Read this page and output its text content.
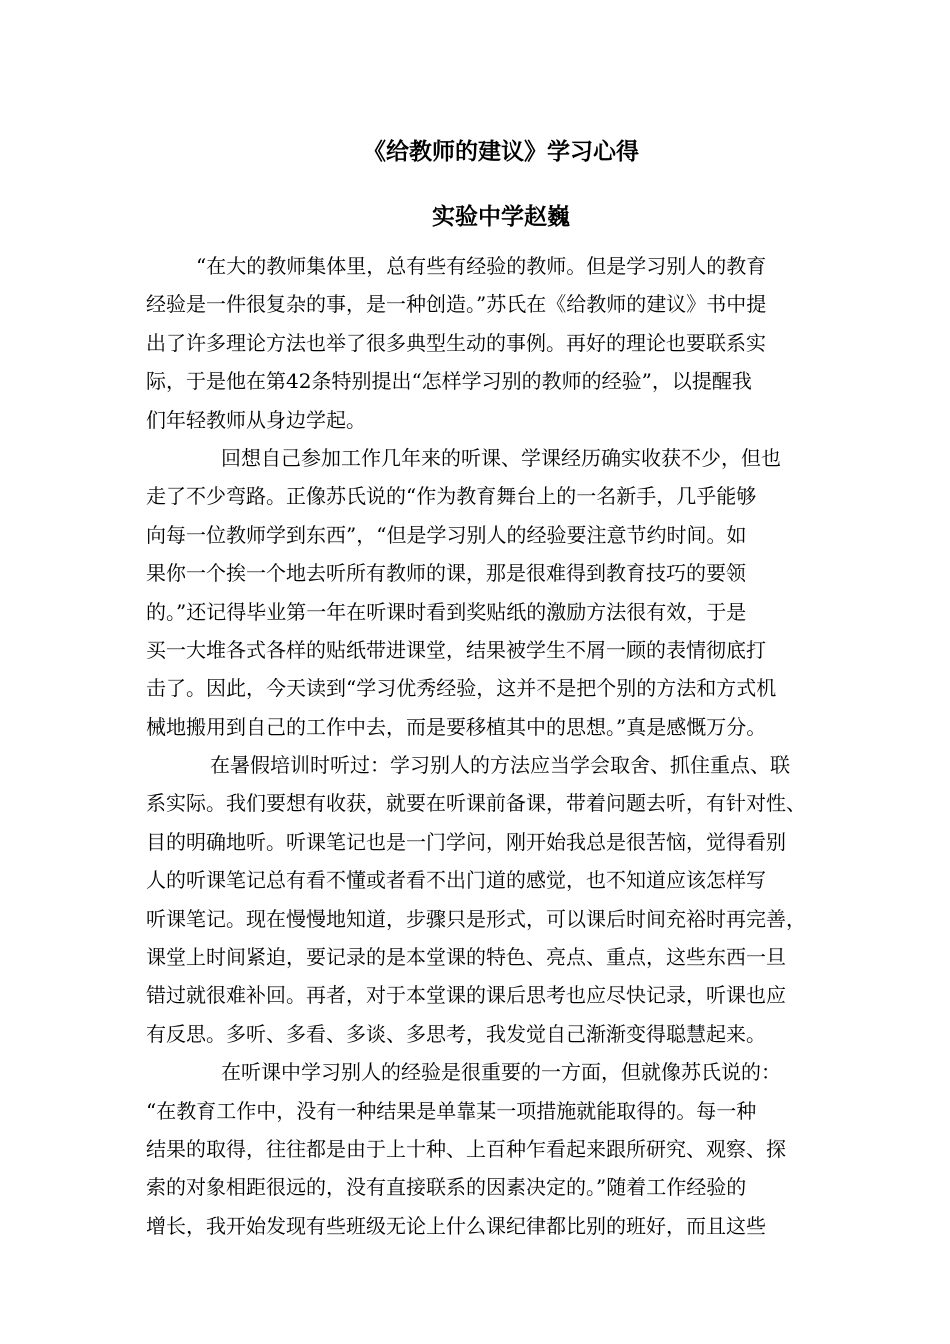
《给教师的建议》学习心得
实验中学赵巍
“在大的教师集体里，总有些有经验的教师。但是学习别人的教育
经验是一件很复杂的事，是一种创造。”苏氏在《给教师的建议》书中提
出了许多理论方法也举了很多典型生动的事例。再好的理论也要联系实
际，于是他在第42条特别提出“怎样学习别的教师的经验”，以提醒我
们年轻教师从身边学起。
回想自己参加工作几年来的听课、学课经历确实收获不少，但也
走了不少弯路。正像苏氏说的“作为教育舞台上的一名新手，几乎能够
向每一位教师学到东西”，“但是学习别人的经验要注意节约时间。如
果你一个挨一个地去听所有教师的课，那是很难得到教育技巧的要领
的。”还记得毕业第一年在听课时看到奖贴纸的激励方法很有效，于是
买一大堆各式各样的贴纸带进课堂，结果被学生不屑一顾的表情彻底打
击了。因此，今天读到“学习优秀经验，这并不是把个别的方法和方式机
械地搬用到自己的工作中去，而是要移植其中的思想。”真是感慨万分。
在暑假培训时听过：学习别人的方法应当学会取舍、抓住重点、联
系实际。我们要想有收获，就要在听课前备课，带着问题去听，有针对性、
目的明确地听。听课笔记也是一门学问，刚开始我总是很苦恼，觉得看别
人的听课笔记总有看不懂或者看不出门道的感觉，也不知道应该怎样写
听课笔记。现在慢慢地知道，步骤只是形式，可以课后时间充裕时再完善，
课堂上时间紧迫，要记录的是本堂课的特色、亮点、重点，这些东西一旦
错过就很难补回。再者，对于本堂课的课后思考也应尽快记录，听课也应
有反思。多听、多看、多谈、多思考，我发觉自己渐渐变得聪慧起来。
在听课中学习别人的经验是很重要的一方面，但就像苏氏说的：
“在教育工作中，没有一种结果是单靠某一项措施就能取得的。每一种
结果的取得，往往都是由于上十种、上百种乍看起来跟所研究、观察、探
索的对象相距很远的，没有直接联系的因素决定的。”随着工作经验的
增长，我开始发现有些班级无论上什么课纪律都比别的班好，而且这些
